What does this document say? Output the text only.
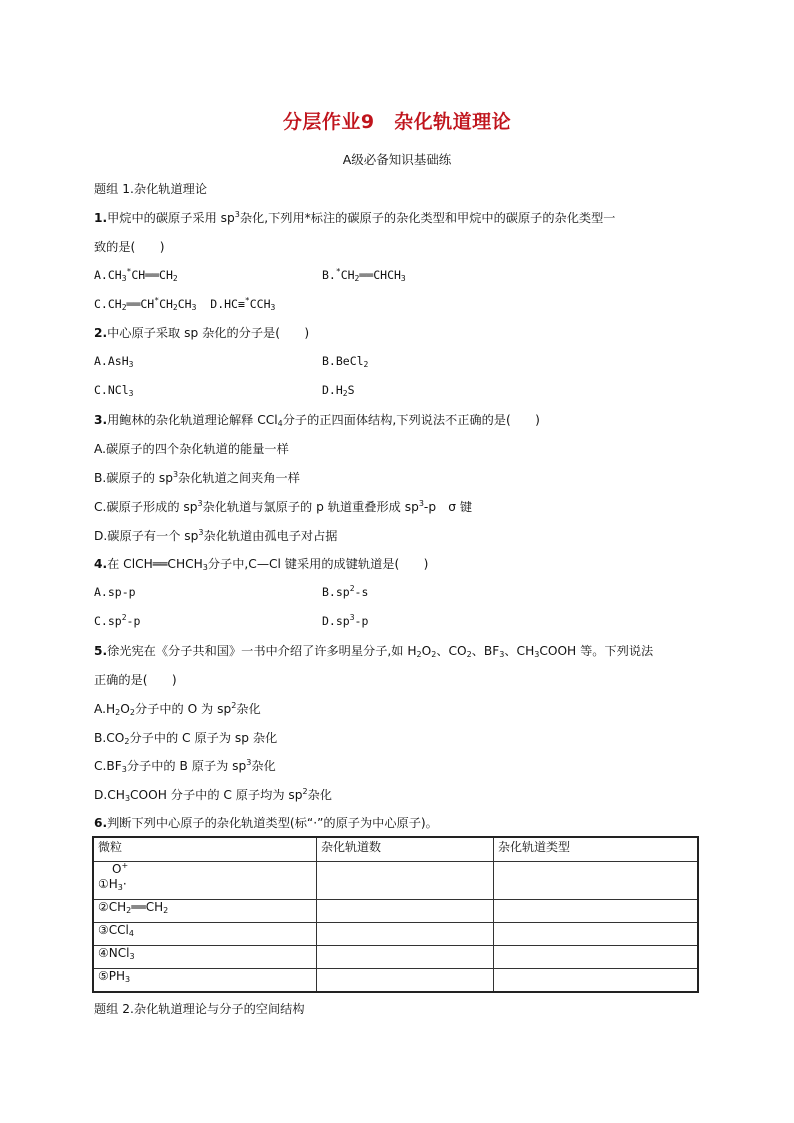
分层作业9　杂化轨道理论
A级必备知识基础练
题组 1.杂化轨道理论
1.甲烷中的碳原子采用 $sp^3$杂化,下列用*标注的碳原子的杂化类型和甲烷中的碳原子的杂化类型一
致的是(　　)
$A.CH_3^*CH══CH_2$	$B.^*CH_2══CHCH_3$
$C.CH_2══CH^*CH_2CH_3$  $D.HC\equiv^*CCH_3$
2.中心原子采取 sp 杂化的分子是(　　)
A.AsH$_3$	B.BeCl$_2$
C.NCl$_3$	$D.H_2S$
3.用鲍林的杂化轨道理论解释 CCl$_4$分子的正四面体结构,下列说法不正确的是(　　)
A.碳原子的四个杂化轨道的能量一样
B.碳原子的 $sp^3$杂化轨道之间夹角一样
C.碳原子形成的 $sp^3$杂化轨道与氯原子的 p 轨道重叠形成 $sp^3-p$　σ 键
D.碳原子有一个 $sp^3$杂化轨道由孤电子对占据
4.在 $ClCH══CHCH_3$分子中,C—Cl 键采用的成键轨道是(　　)
A.sp-p	$B.sp^2-s$
$C.sp^2-p$	$D.sp^3-p$
5.徐光宪在《分子共和国》一书中介绍了许多明星分子,如 $H_2O_2$、$CO_2$、$BF_3$、$CH_3COOH$ 等。下列说法
正确的是(　　)
$A.H_2O_2$分子中的 O 为 $sp^2$杂化
$B.CO_2$分子中的 C 原子为 sp 杂化
$C.BF_3$分子中的 B 原子为 $sp^3$杂化
$D.CH_3COOH$ 分子中的 C 原子均为 $sp^2$杂化
6.判断下列中心原子的杂化轨道类型(标“·”的原子为中心原子)。
微粒	杂化轨道数	杂化轨道类型

O+
$①H_3\cdot$		

$②CH_2══CH_2$		
③CCl$_4$		
④NCl$_3$		
$⑤PH_3$		
题组 2.杂化轨道理论与分子的空间结构
